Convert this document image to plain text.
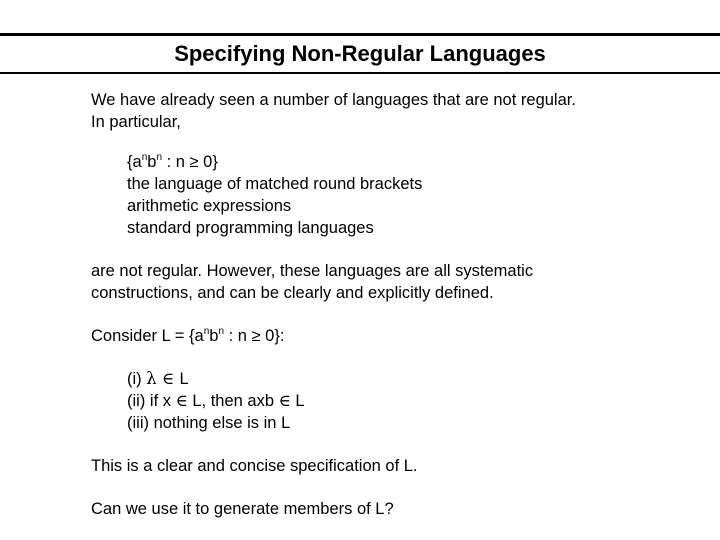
Specifying Non-Regular Languages
We have already seen a number of languages that are not regular.
In particular,
{$a^nb^n$ : n ≥ 0}
the language of matched round brackets
arithmetic expressions
standard programming languages
are not regular. However, these languages are all systematic
constructions, and can be clearly and explicitly defined.
Consider $L = \{a^nb^n$ : n ≥ 0}:
(i) λ ∈ L
(ii) if x ∈ L, then axb ∈ L
(iii) nothing else is in L
This is a clear and concise specification of L.
Can we use it to generate members of L?
